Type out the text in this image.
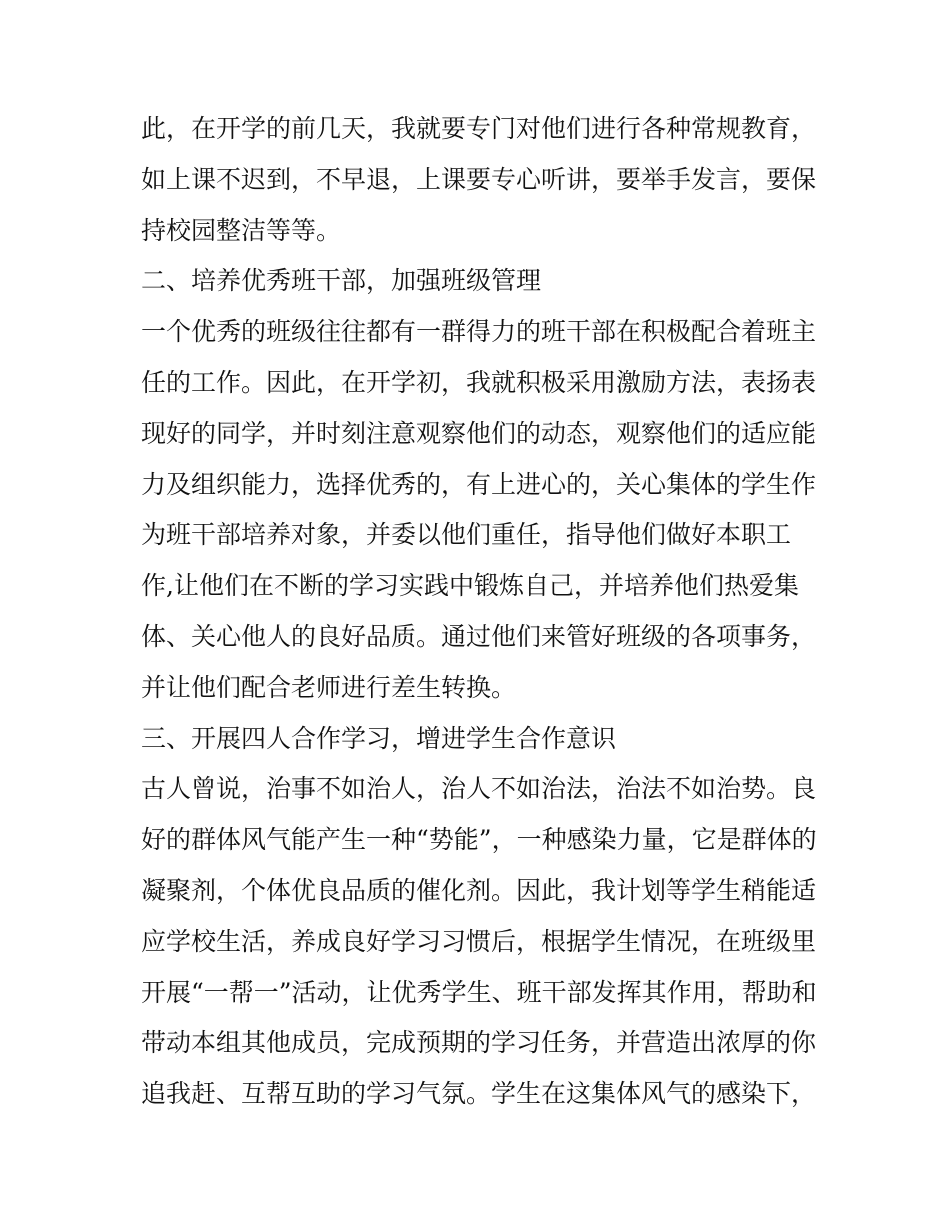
此，在开学的前几天，我就要专门对他们进行各种常规教育，
如上课不迟到，不早退，上课要专心听讲，要举手发言，要保
持校园整洁等等。
二、培养优秀班干部，加强班级管理
一个优秀的班级往往都有一群得力的班干部在积极配合着班主
任的工作。因此，在开学初，我就积极采用激励方法，表扬表
现好的同学，并时刻注意观察他们的动态，观察他们的适应能
力及组织能力，选择优秀的，有上进心的，关心集体的学生作
为班干部培养对象，并委以他们重任，指导他们做好本职工
作,让他们在不断的学习实践中锻炼自己，并培养他们热爱集
体、关心他人的良好品质。通过他们来管好班级的各项事务，
并让他们配合老师进行差生转换。
三、开展四人合作学习，增进学生合作意识
古人曾说，治事不如治人，治人不如治法，治法不如治势。良
好的群体风气能产生一种“势能”，一种感染力量，它是群体的
凝聚剂，个体优良品质的催化剂。因此，我计划等学生稍能适
应学校生活，养成良好学习习惯后，根据学生情况，在班级里
开展“一帮一”活动，让优秀学生、班干部发挥其作用，帮助和
带动本组其他成员，完成预期的学习任务，并营造出浓厚的你
追我赶、互帮互助的学习气氛。学生在这集体风气的感染下，
